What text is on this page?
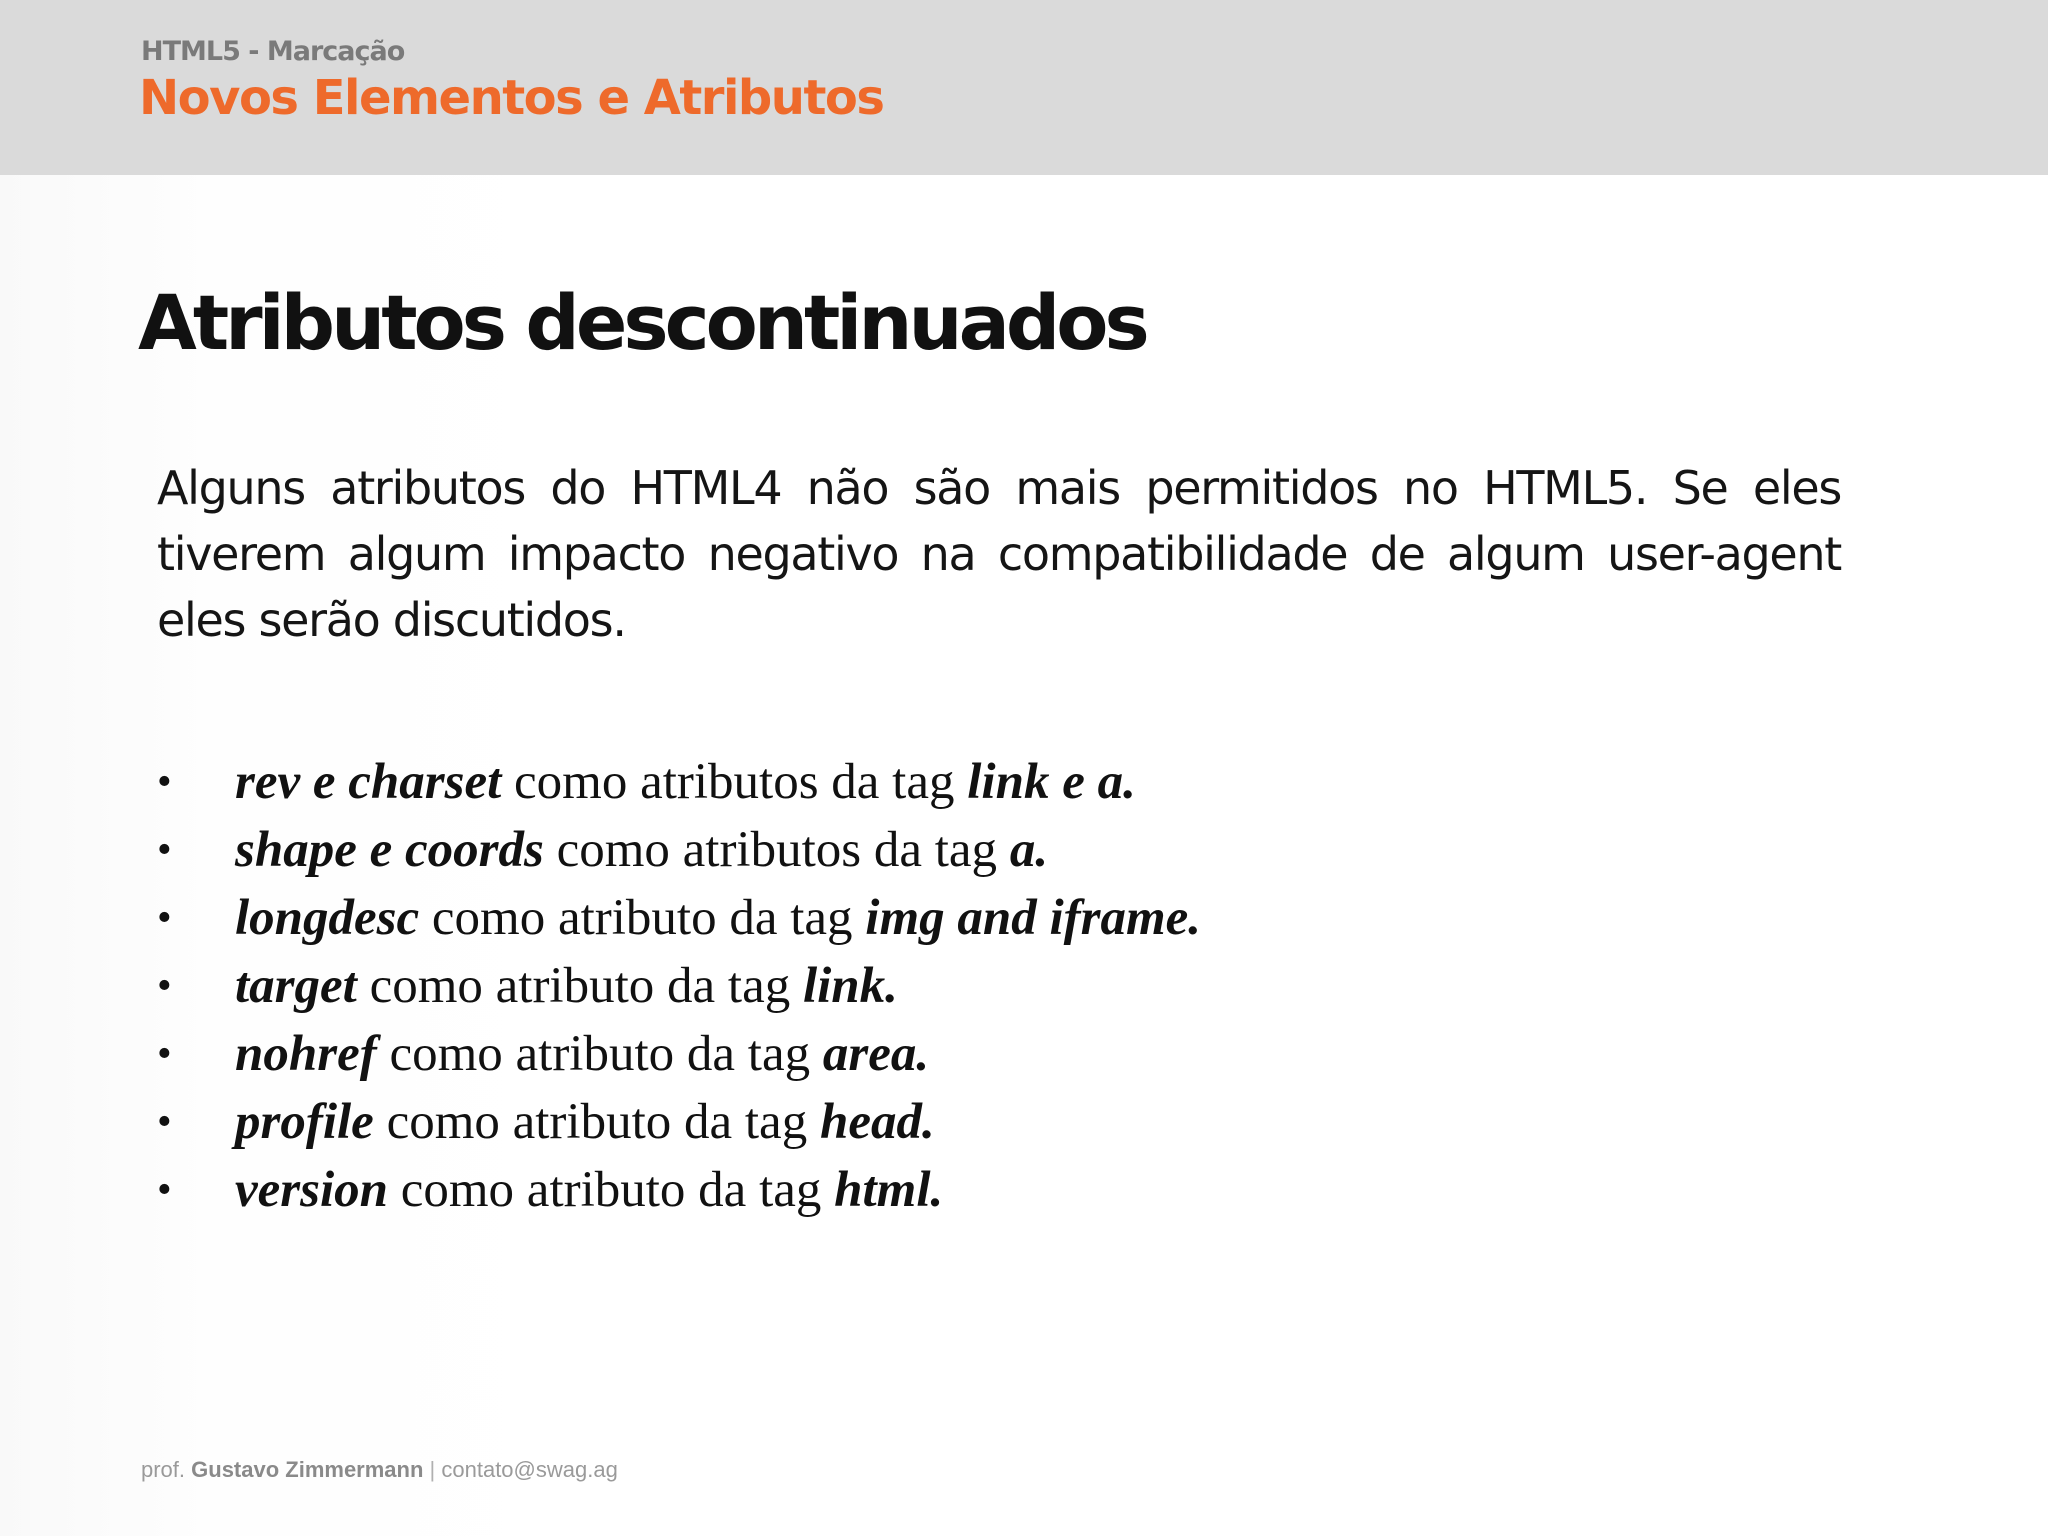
HTML5 - Marcação
Novos Elementos e Atributos
Atributos descontinuados
Alguns atributos do HTML4 não são mais permitidos no HTML5. Se eles tiverem algum impacto negativo na compatibilidade de algum user-agent eles serão discutidos.
• rev e charset como atributos da tag link e a.
• shape e coords como atributos da tag a.
• longdesc como atributo da tag img and iframe.
• target como atributo da tag link.
• nohref como atributo da tag area.
• profile como atributo da tag head.
• version como atributo da tag html.
prof. Gustavo Zimmermann | contato@swag.ag
